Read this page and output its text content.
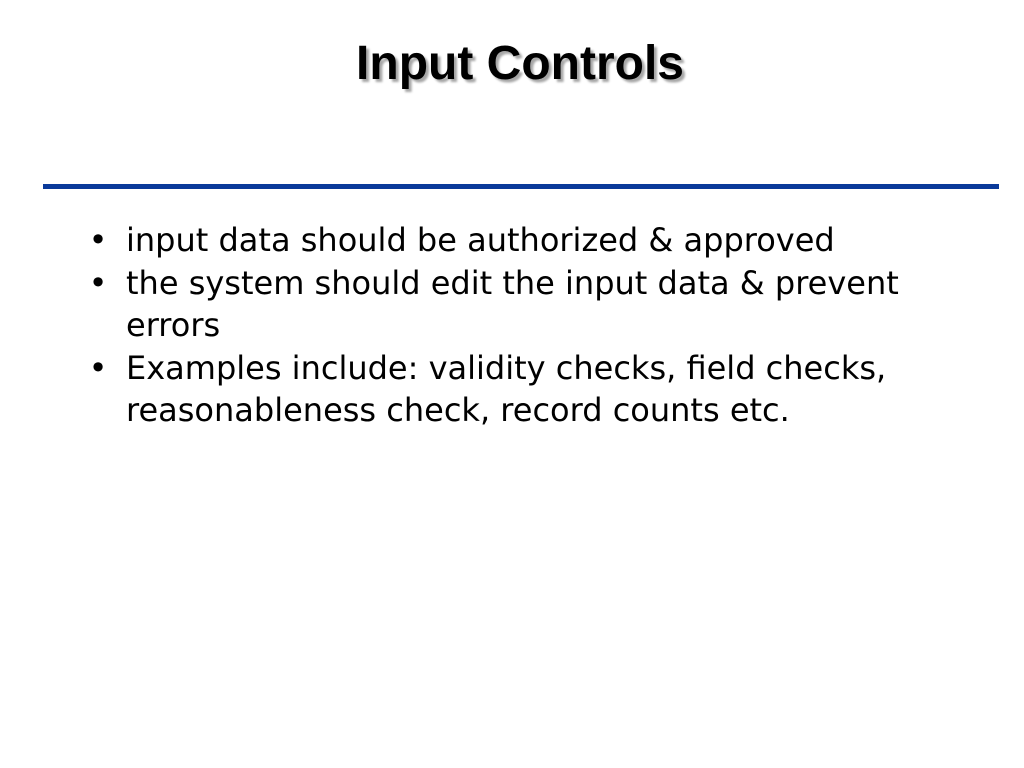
Input Controls
• input data should be authorized & approved
• the system should edit the input data & prevent errors
• Examples include: validity checks, field checks, reasonableness check, record counts etc.
